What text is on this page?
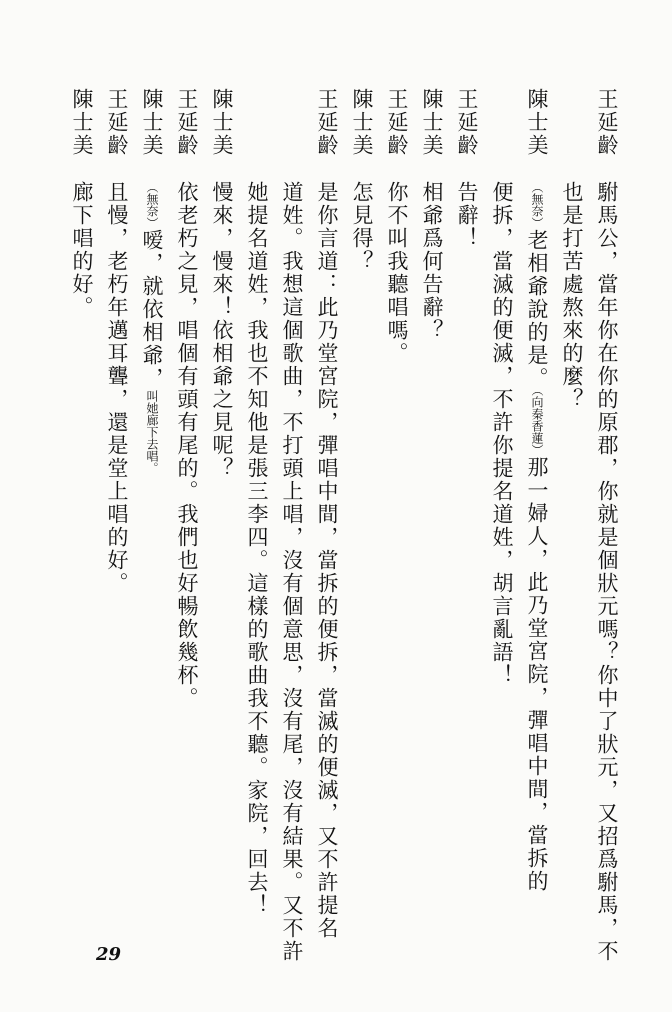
王延齡
陳士美
王延齡
陳士美
王延齡
陳士美
王延齡
陳士美
王延齡
陳士美
王延齡
陳士美
駙馬公，當年你在你的原郡，你就是個狀元嗎？你中了狀元，又招爲駙馬，不
也是打苦處熬來的麼？
（無奈）老相爺說的是。（向秦香蓮）那一婦人，此乃堂宮院，彈唱中間，當拆的
便拆，當滅的便滅，不許你提名道姓，胡言亂語！
告辭！
相爺爲何告辭？
你不叫我聽唱嗎。
怎見得？
是你言道：此乃堂宮院，彈唱中間，當拆的便拆，當滅的便滅，又不許提名
道姓。我想這個歌曲，不打頭上唱，沒有個意思，沒有尾，沒有結果。又不許
她提名道姓，我也不知他是張三李四。這樣的歌曲我不聽。家院，回去！
慢來，慢來！依相爺之見呢？
依老朽之見，唱個有頭有尾的。我們也好暢飲幾杯。
（無奈）嗳，就依相爺，叫她廊下去唱。
且慢，老朽年邁耳聾，還是堂上唱的好。
廊下唱的好。
29
